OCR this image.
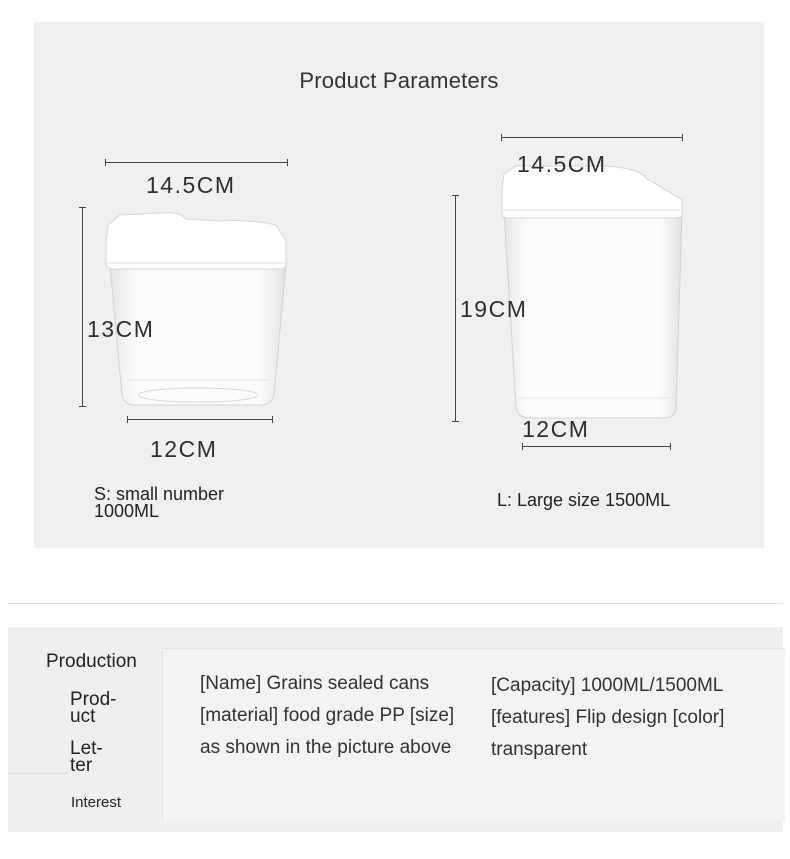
Product Parameters
14.5CM
13CM
12CM
S: small number
1000ML
14.5CM
19CM
12CM
L: Large size 1500ML
Production
Prod-
uct
Let-
ter
Interest
[Name] Grains sealed cans
[material] food grade PP [size]
as shown in the picture above
[Capacity] 1000ML/1500ML
[features] Flip design [color]
transparent
